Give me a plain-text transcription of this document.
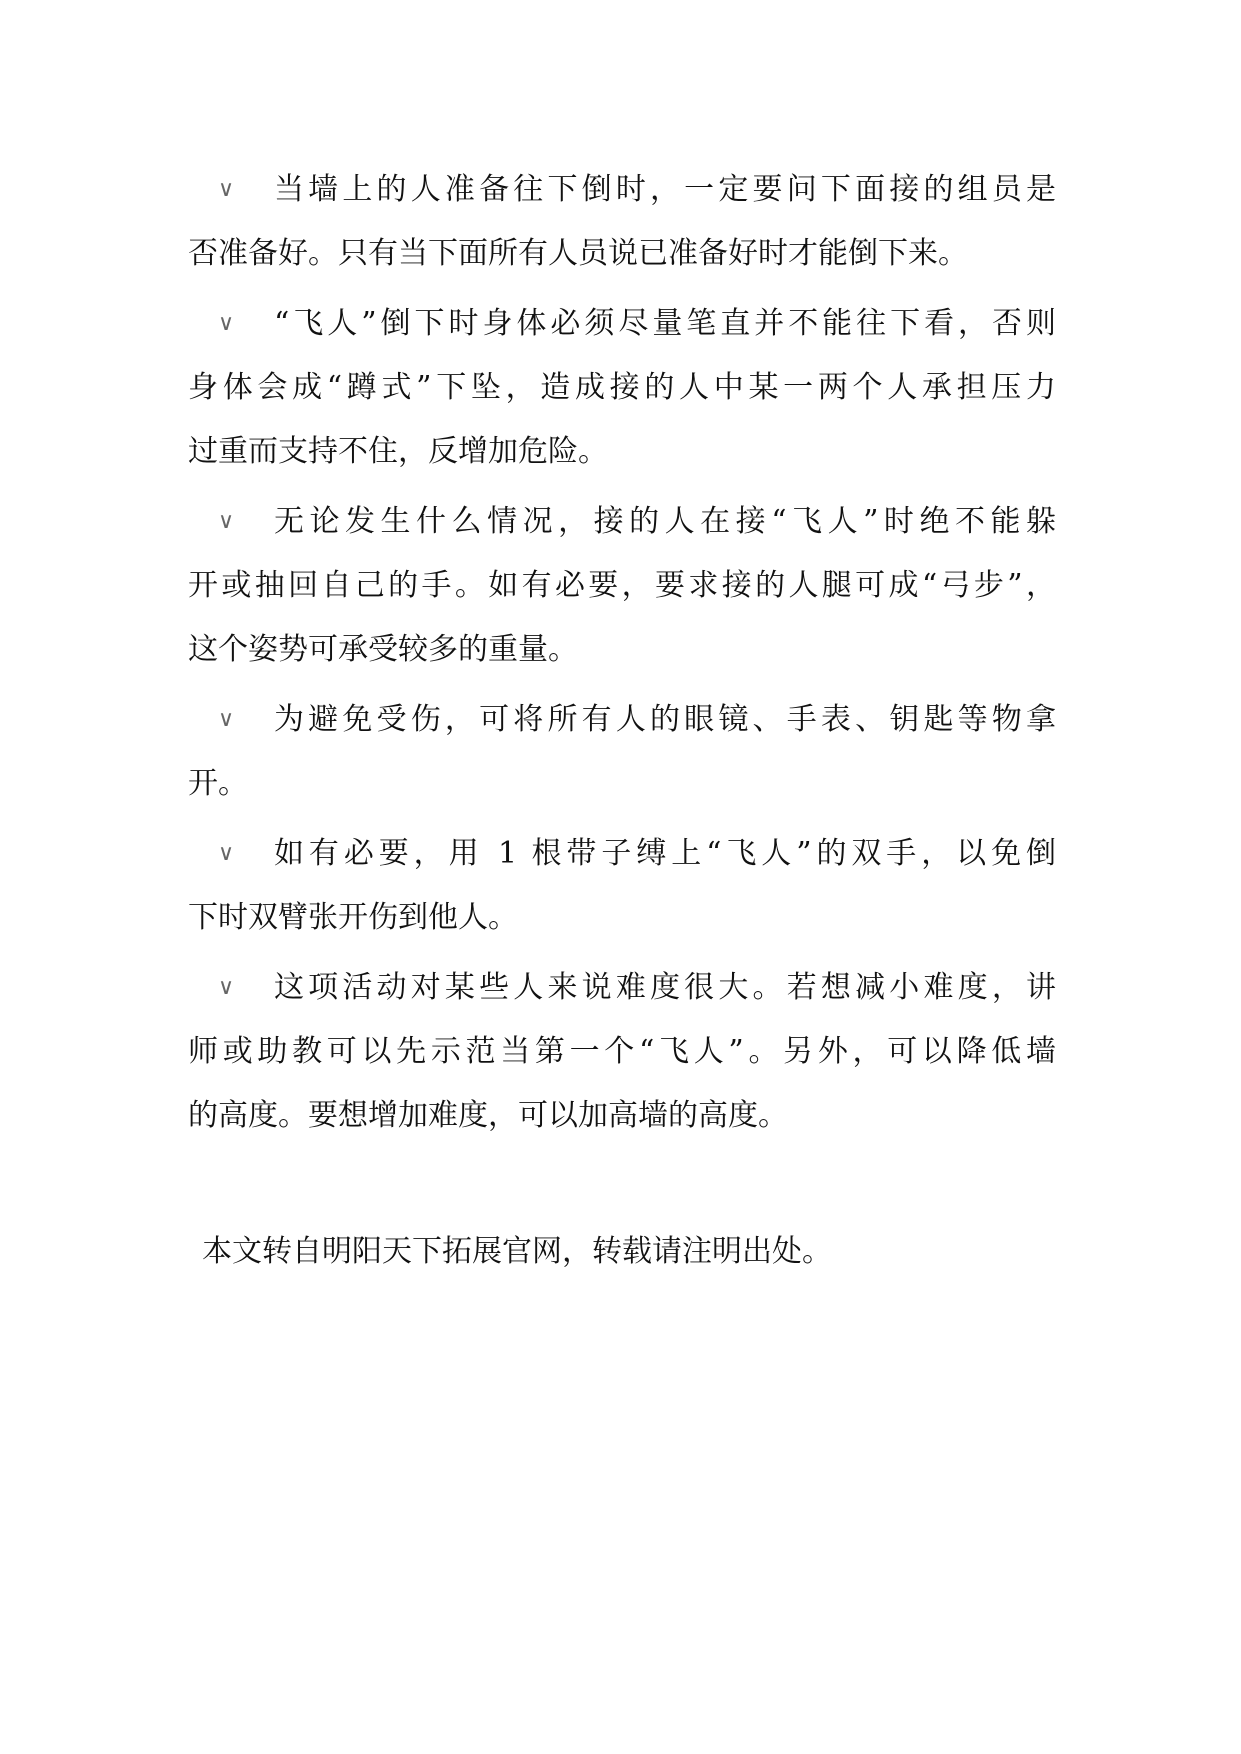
∨ 当墙上的人准备往下倒时，一定要问下面接的组员是
否准备好。只有当下面所有人员说已准备好时才能倒下来。
∨ “飞人”倒下时身体必须尽量笔直并不能往下看，否则
身体会成“蹲式”下坠，造成接的人中某一两个人承担压力
过重而支持不住，反增加危险。
∨ 无论发生什么情况，接的人在接“飞人”时绝不能躲
开或抽回自己的手。如有必要，要求接的人腿可成“弓步”，
这个姿势可承受较多的重量。
∨ 为避免受伤，可将所有人的眼镜、手表、钥匙等物拿
开。
∨ 如有必要，用 1 根带子缚上“飞人”的双手，以免倒
下时双臂张开伤到他人。
∨ 这项活动对某些人来说难度很大。若想减小难度，讲
师或助教可以先示范当第一个“飞人”。另外，可以降低墙
的高度。要想增加难度，可以加高墙的高度。
本文转自明阳天下拓展官网，转载请注明出处。
